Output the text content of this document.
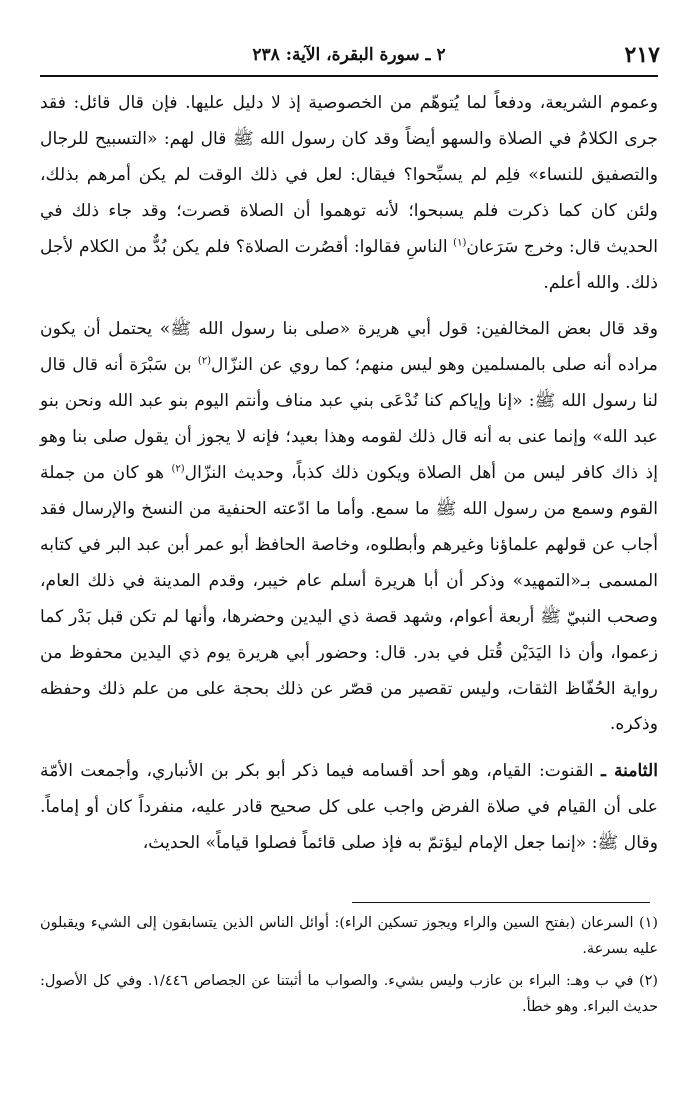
٢١٧
٢ ـ سورة البقرة، الآية: ٢٣٨

وعموم الشريعة، ودفعاً لما يُتوهّم من الخصوصية إذ لا دليل عليها. فإن قال قائل: فقد جرى الكلامُ في الصلاة والسهو أيضاً وقد كان رسول الله ﷺ قال لهم: «التسبيح للرجال والتصفيق للنساء» فلِم لم يسبِّحوا؟ فيقال: لعل في ذلك الوقت لم يكن أمرهم بذلك، ولئن كان كما ذكرت فلم يسبحوا؛ لأنه توهموا أن الصلاة قصرت؛ وقد جاء ذلك في الحديث قال: وخرج سَرَعان$^{(١)}$ الناسِ فقالوا: أقصُرت الصلاة؟ فلم يكن بُدٌّ من الكلام لأجل ذلك. والله أعلم.

وقد قال بعض المخالفين: قول أبي هريرة «صلى بنا رسول الله ﷺ» يحتمل أن يكون مراده أنه صلى بالمسلمين وهو ليس منهم؛ كما روي عن النزّال$^{(٢)}$ بن سَبْرَة أنه قال قال لنا رسول الله ﷺ: «إنا وإياكم كنا نُدْعَى بني عبد مناف وأنتم اليوم بنو عبد الله ونحن بنو عبد الله» وإنما عنى به أنه قال ذلك لقومه وهذا بعيد؛ فإنه لا يجوز أن يقول صلى بنا وهو إذ ذاك كافر ليس من أهل الصلاة ويكون ذلك كذباً، وحديث النزّال$^{(٢)}$ هو كان من جملة القوم وسمع من رسول الله ﷺ ما سمع. وأما ما ادّعته الحنفية من النسخ والإرسال فقد أجاب عن قولهم علماؤنا وغيرهم وأبطلوه، وخاصة الحافظ أبو عمر أبن عبد البر في كتابه المسمى بـ«التمهيد» وذكر أن أبا هريرة أسلم عام خيبر، وقدم المدينة في ذلك العام، وصحب النبيّ ﷺ أربعة أعوام، وشهد قصة ذي اليدين وحضرها، وأنها لم تكن قبل بَدْر كما زعموا، وأن ذا اليَدَيْن قُتل في بدر. قال: وحضور أبي هريرة يوم ذي اليدين محفوظ من رواية الحُفّاظ الثقات، وليس تقصير من قصّر عن ذلك بحجة على من علم ذلك وحفظه وذكره.

الثامنة ـ القنوت: القيام، وهو أحد أقسامه فيما ذكر أبو بكر بن الأنباري، وأجمعت الأمّة على أن القيام في صلاة الفرض واجب على كل صحيح قادر عليه، منفرداً كان أو إماماً. وقال ﷺ: «إنما جعل الإمام ليؤتمّ به فإذ صلى قائماً فصلوا قياماً» الحديث،

(١) السرعان (بفتح السين والراء ويجوز تسكين الراء): أوائل الناس الذين يتسابقون إلى الشيء ويقبلون عليه بسرعة.

(٢) في ب وهـ: البراء بن عازب وليس بشيء. والصواب ما أثبتنا عن الجصاص ١/٤٤٦. وفي كل الأصول: حديث البراء. وهو خطأ.
